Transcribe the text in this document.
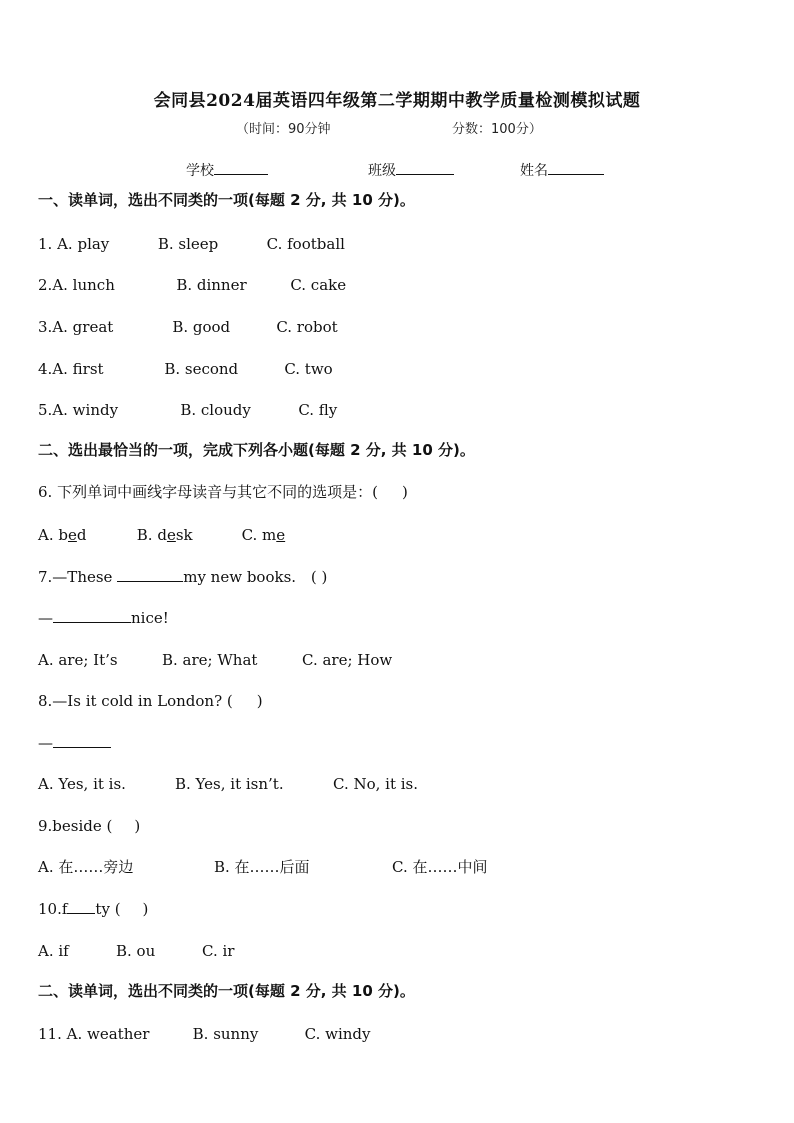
会同县2024届英语四年级第二学期期中教学质量检测模拟试题
（时间：90分钟	分数：100分）
学校	班级	姓名
一、读单词，选出不同类的一项(每题 2 分, 共 10 分)。
1. A. play	B. sleep	C. football
2.A. lunch	B. dinner	C. cake
3.A. great	B. good	C. robot
4.A. first	B. second	C. two
5.A. windy	B. cloudy	C. fly
二、选出最恰当的一项，完成下列各小题(每题 2 分, 共 10 分)。
6. 下列单词中画线字母读音与其它不同的选项是：( )
A. bed	B. desk	C. me
7.—These	my new books. ( )
—	nice!
A. are; It’s	B. are; What	C. are; How
8.—Is it cold in London? ( )
—
A. Yes, it is.	B. Yes, it isn’t.	C. No, it is.
9.beside ( )
A. 在……旁边	B. 在……后面	C. 在……中间
10.f ty ( )
A. if	B. ou	C. ir
二、读单词，选出不同类的一项(每题 2 分, 共 10 分)。
11. A. weather	B. sunny	C. windy
